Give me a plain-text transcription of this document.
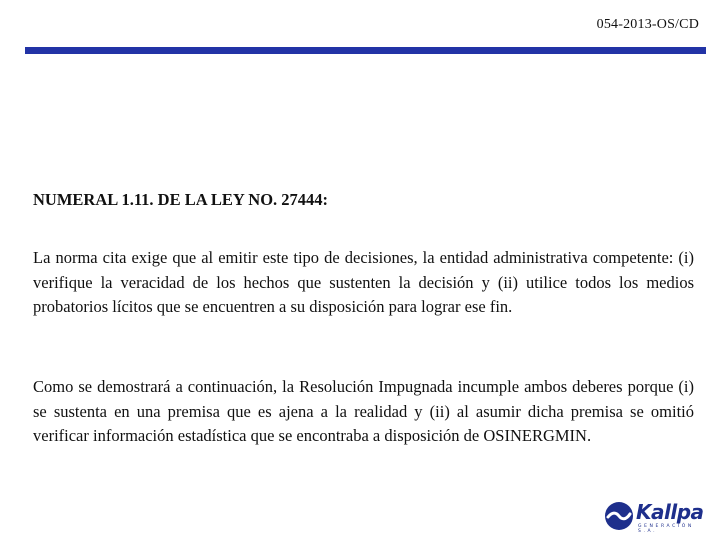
054-2013-OS/CD

NUMERAL 1.11. DE LA LEY NO. 27444:

La norma cita exige que al emitir este tipo de decisiones, la entidad administrativa competente: (i) verifique la veracidad de los hechos que sustenten la decisión y (ii) utilice todos los medios probatorios lícitos que se encuentren a su disposición para lograr ese fin.

Como se demostrará a continuación, la Resolución Impugnada incumple ambos deberes porque (i) se sustenta en una premisa que es ajena a la realidad y (ii) al asumir dicha premisa se omitió verificar información estadística que se encontraba a disposición de OSINERGMIN.

Kallpa
GENERACIÓN S.A.
